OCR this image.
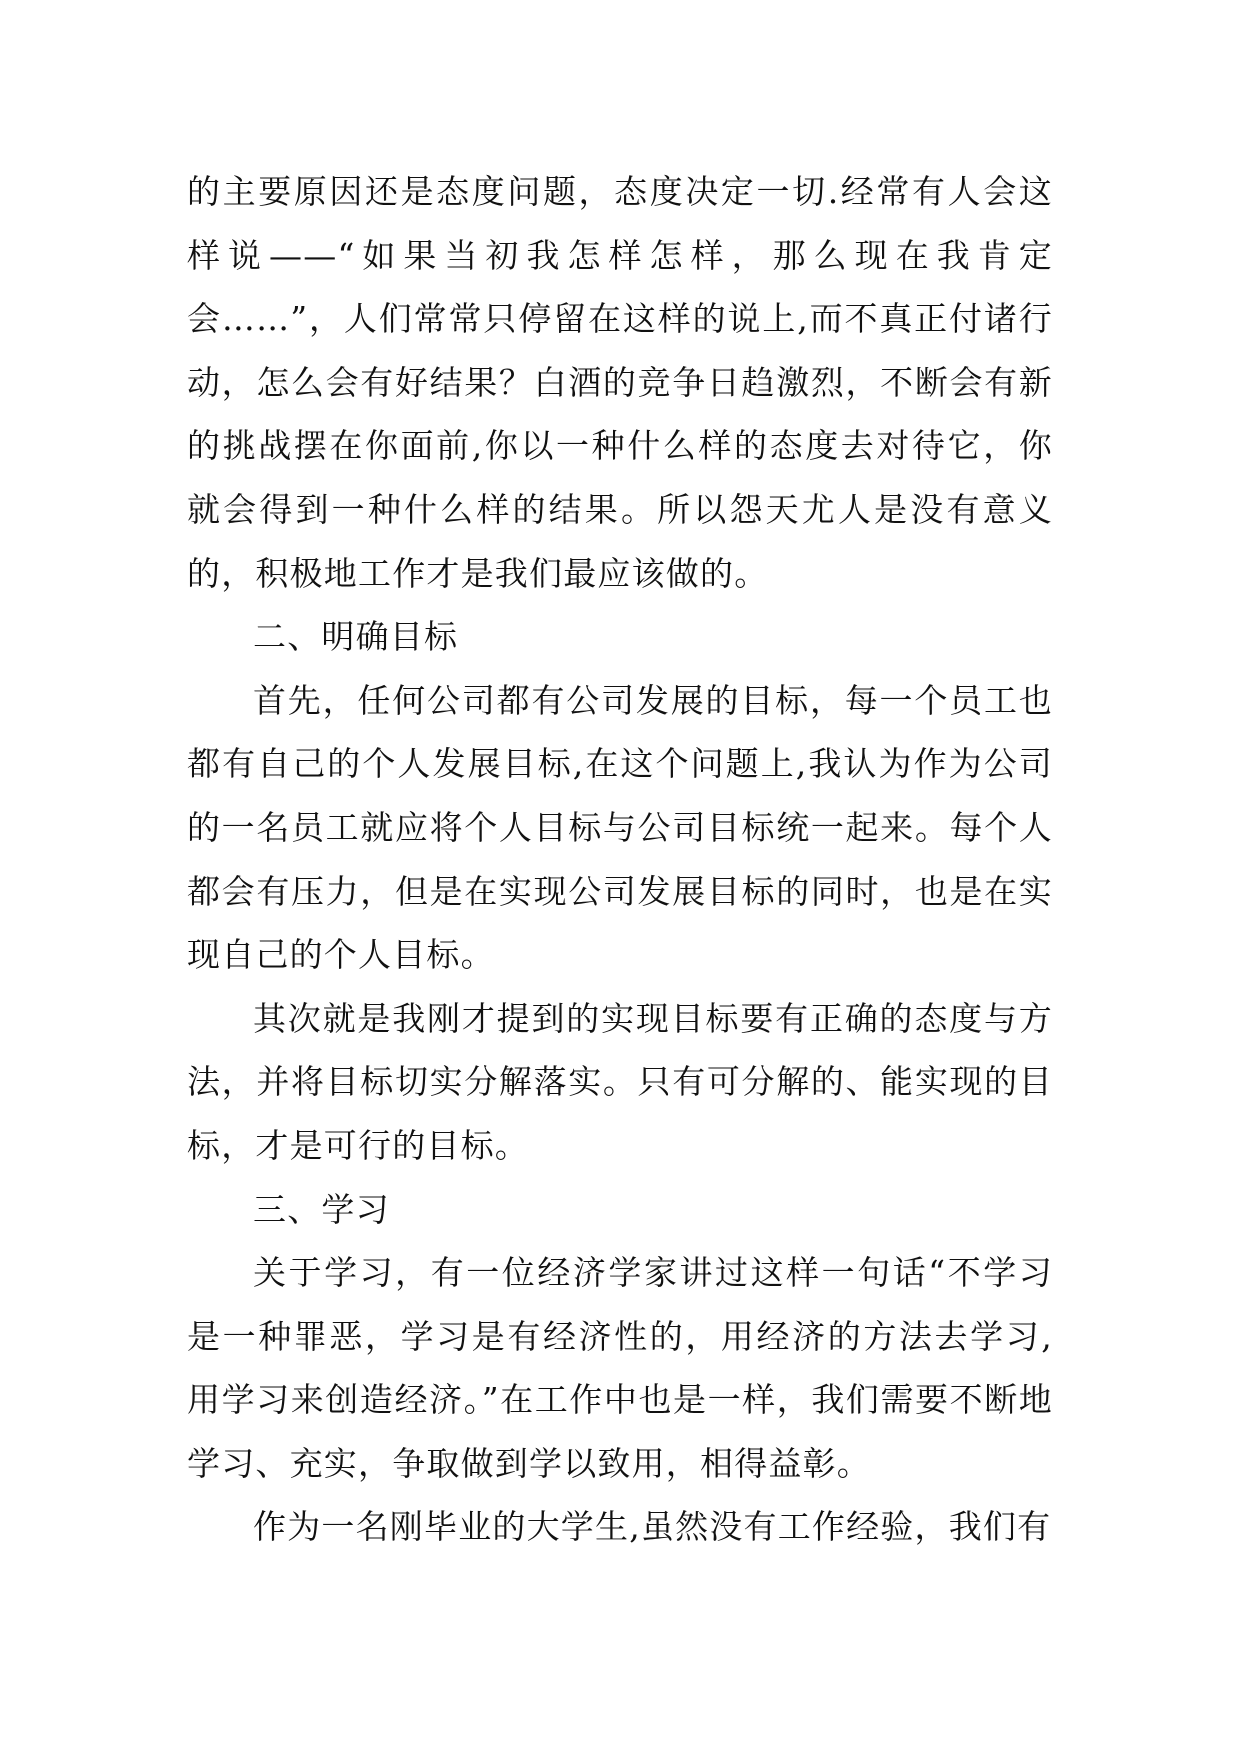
的主要原因还是态度问题，态度决定一切.经常有人会这样说——“如果当初我怎样怎样，那么现在我肯定会……”，人们常常只停留在这样的说上,而不真正付诸行动，怎么会有好结果？白酒的竞争日趋激烈，不断会有新的挑战摆在你面前,你以一种什么样的态度去对待它，你就会得到一种什么样的结果。所以怨天尤人是没有意义的，积极地工作才是我们最应该做的。

二、明确目标

首先，任何公司都有公司发展的目标，每一个员工也都有自己的个人发展目标,在这个问题上,我认为作为公司的一名员工就应将个人目标与公司目标统一起来。每个人都会有压力，但是在实现公司发展目标的同时，也是在实现自己的个人目标。

其次就是我刚才提到的实现目标要有正确的态度与方法，并将目标切实分解落实。只有可分解的、能实现的目标，才是可行的目标。

三、学习

关于学习，有一位经济学家讲过这样一句话“不学习是一种罪恶，学习是有经济性的，用经济的方法去学习,用学习来创造经济。”在工作中也是一样，我们需要不断地学习、充实，争取做到学以致用，相得益彰。

作为一名刚毕业的大学生,虽然没有工作经验，我们有
